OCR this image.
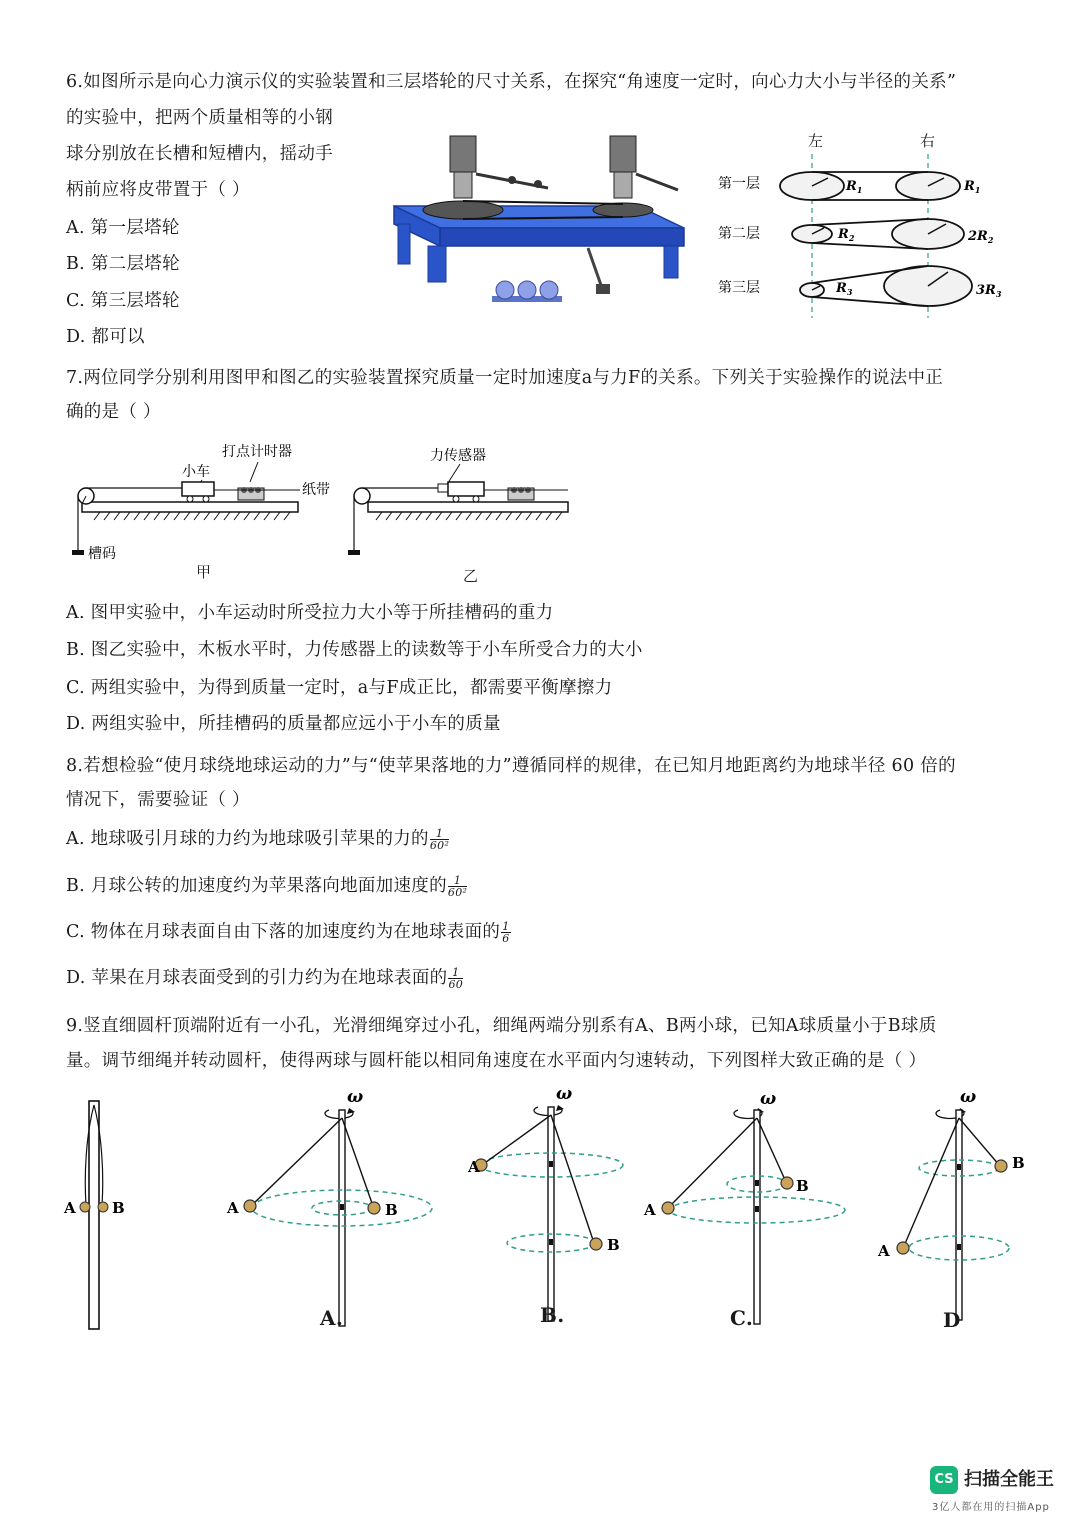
6.如图所示是向心力演示仪的实验装置和三层塔轮的尺寸关系，在探究“角速度一定时，向心力大小与半径的关系”
的实验中，把两个质量相等的小钢
球分别放在长槽和短槽内，摇动手
柄前应将皮带置于（ ）
A. 第一层塔轮
B. 第二层塔轮
C. 第三层塔轮
D. 都可以
左	右
第一层	$R_1$	$R_1$
第二层	$R_2$	$2R_2$
第三层	$R_3$	$3R_3$
7.两位同学分别利用图甲和图乙的实验装置探究质量一定时加速度a与力F的关系。下列关于实验操作的说法中正
确的是（ ）
打点计时器
小车
槽码
纸带
甲
力传感器
乙
A. 图甲实验中，小车运动时所受拉力大小等于所挂槽码的重力
B. 图乙实验中，木板水平时，力传感器上的读数等于小车所受合力的大小
C. 两组实验中，为得到质量一定时，a与F成正比，都需要平衡摩擦力
D. 两组实验中，所挂槽码的质量都应远小于小车的质量
8.若想检验“使月球绕地球运动的力”与“使苹果落地的力”遵循同样的规律，在已知月地距离约为地球半径 60 倍的
情况下，需要验证（ ）
A. 地球吸引月球的力约为地球吸引苹果的力的 $\frac{1}{\text{60²}}$
B. 月球公转的加速度约为苹果落向地面加速度的 $\frac{1}{\text{60²}}$
C. 物体在月球表面自由下落的加速度约为在地球表面的 $\frac{1}{6}$
D. 苹果在月球表面受到的引力约为在地球表面的 $\frac{1}{60}$
9.竖直细圆杆顶端附近有一小孔，光滑细绳穿过小孔，细绳两端分别系有A、B两小球，已知A球质量小于B球质
量。调节细绳并转动圆杆，使得两球与圆杆能以相同角速度在水平面内匀速转动，下列图样大致正确的是（ ）
A B
ω
A	B
A.
ω
A
B
B.
ω
A
B
C.
ω
A
B
D
CS 扫描全能王
3亿人都在用的扫描App
